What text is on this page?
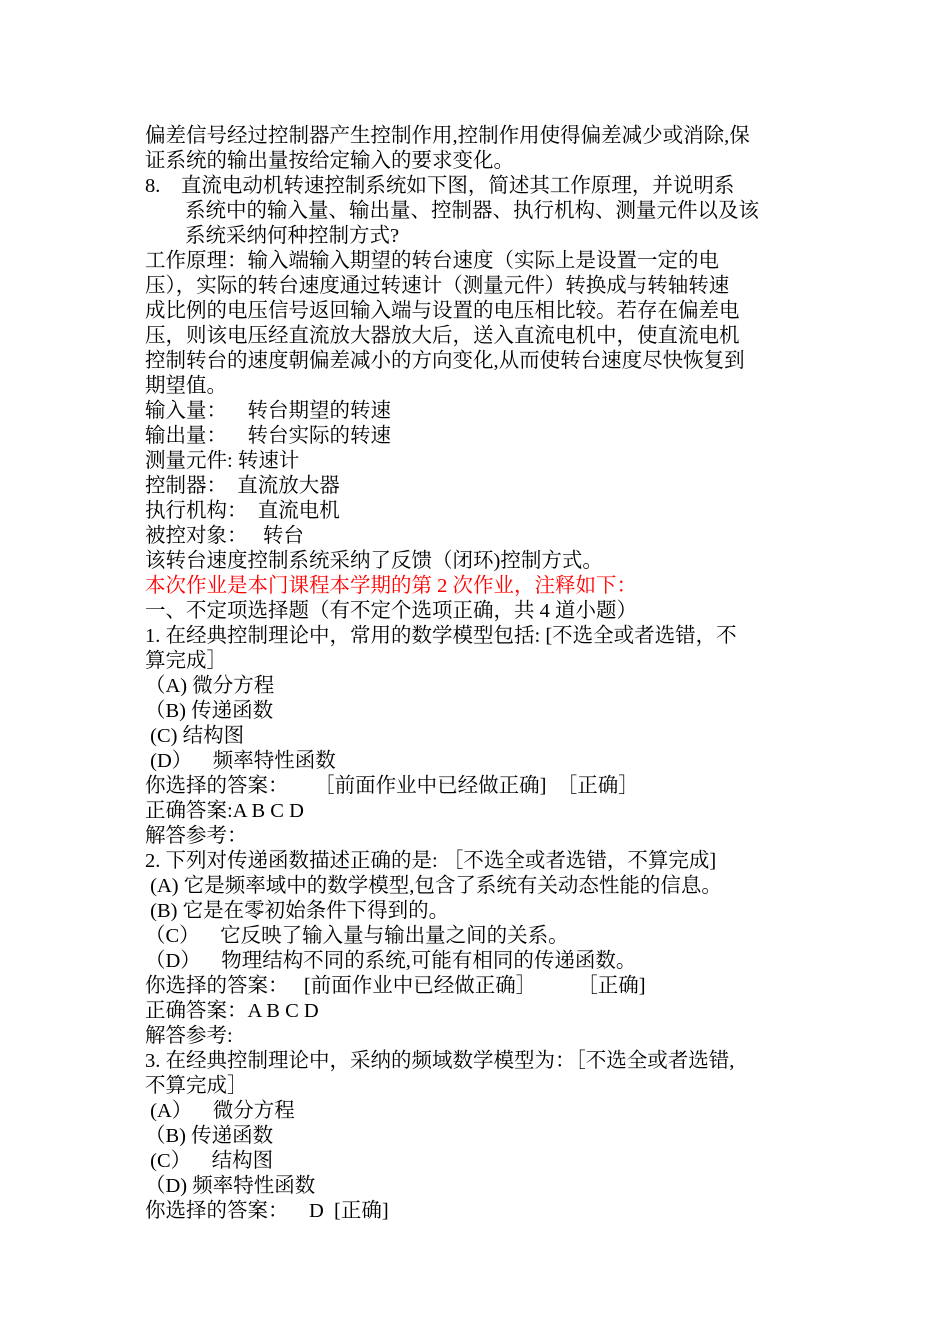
偏差信号经过控制器产生控制作用,控制作用使得偏差减少或消除,保
证系统的输出量按给定输入的要求变化。
8.    直流电动机转速控制系统如下图，简述其工作原理，并说明系
系统中的输入量、输出量、控制器、执行机构、测量元件以及该
系统采纳何种控制方式?
工作原理：输入端输入期望的转台速度（实际上是设置一定的电
压），实际的转台速度通过转速计（测量元件）转换成与转轴转速
成比例的电压信号返回输入端与设置的电压相比较。若存在偏差电
压，则该电压经直流放大器放大后，送入直流电机中，使直流电机
控制转台的速度朝偏差减小的方向变化,从而使转台速度尽快恢复到
期望值。
输入量：    转台期望的转速
输出量：    转台实际的转速
测量元件: 转速计
控制器：  直流放大器
执行机构：  直流电机
被控对象：   转台
该转台速度控制系统采纳了反馈（闭环)控制方式。
本次作业是本门课程本学期的第 2 次作业，注释如下：
一、不定项选择题（有不定个选项正确，共 4 道小题）
1. 在经典控制理论中，常用的数学模型包括: [不选全或者选错，不
算完成］
（A) 微分方程
（B) 传递函数
(C) 结构图
(D）    频率特性函数
你选择的答案：     ［前面作业中已经做正确]  ［正确］
正确答案:A B C D
解答参考：
2. 下列对传递函数描述正确的是: ［不选全或者选错，不算完成]
(A) 它是频率域中的数学模型,包含了系统有关动态性能的信息。
(B) 它是在零初始条件下得到的。
（C）    它反映了输入量与输出量之间的关系。
（D）    物理结构不同的系统,可能有相同的传递函数。
你选择的答案：   [前面作业中已经做正确］        ［正确]
正确答案：A B C D
解答参考:
3. 在经典控制理论中，采纳的频域数学模型为：［不选全或者选错,
不算完成］
(A）    微分方程
（B) 传递函数
(C）    结构图
（D) 频率特性函数
你选择的答案：    D  [正确]
